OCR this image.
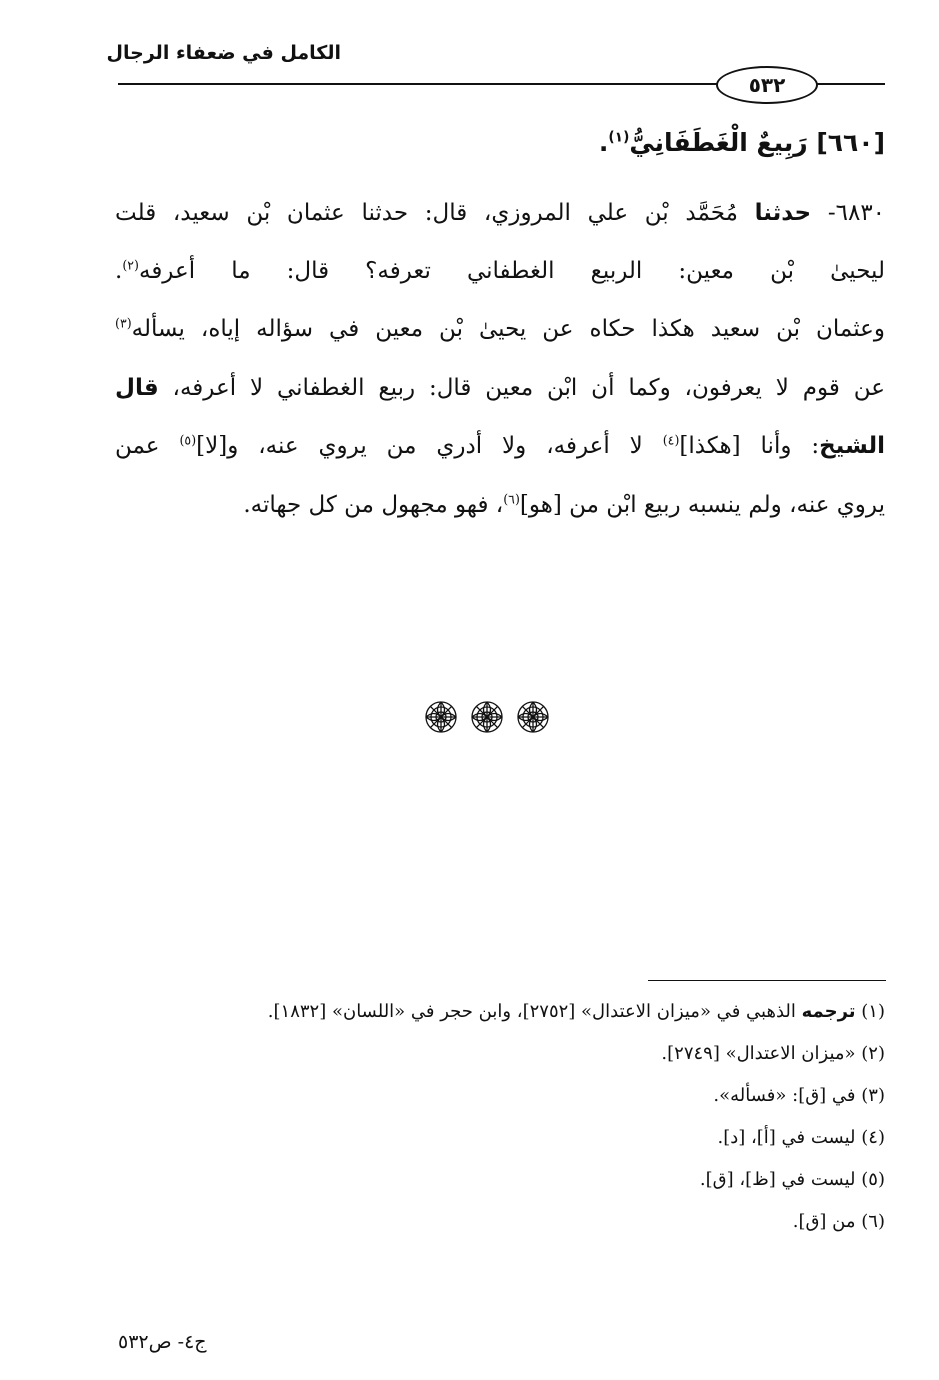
الكامل في ضعفاء الرجال
٥٣٢
[٦٦٠] رَبِيعٌ الْغَطَفَانِيُّ$^{(١)}$.
٦٨٣٠- حدثنا مُحَمَّد بْن علي المروزي، قال: حدثنا عثمان بْن سعيد، قلت
ليحيىٰ بْن معين: الربيع الغطفاني تعرفه؟ قال: ما أعرفه$^{(٢)}$.
وعثمان بْن سعيد هكذا حكاه عن يحيىٰ بْن معين في سؤاله إياه، يسأله$^{(٣)}$
عن قوم لا يعرفون، وكما أن ابْن معين قال: ربيع الغطفاني لا أعرفه، قال
الشيخ: وأنا [هكذا]$^{(٤)}$ لا أعرفه، ولا أدري من يروي عنه، و[لا]$^{(٥)}$ عمن
يروي عنه، ولم ينسبه ربيع ابْن من [هو]$^{(٦)}$، فهو مجهول من كل جهاته.
(١) ترجمه الذهبي في «ميزان الاعتدال» [٢٧٥٢]، وابن حجر في «اللسان» [١٨٣٢].
(٢) «ميزان الاعتدال» [٢٧٤٩].
(٣) في [ق]: «فسأله».
(٤) ليست في [أ]، [د].
(٥) ليست في [ظ]، [ق].
(٦) من [ق].
ج٤- ص٥٣٢
